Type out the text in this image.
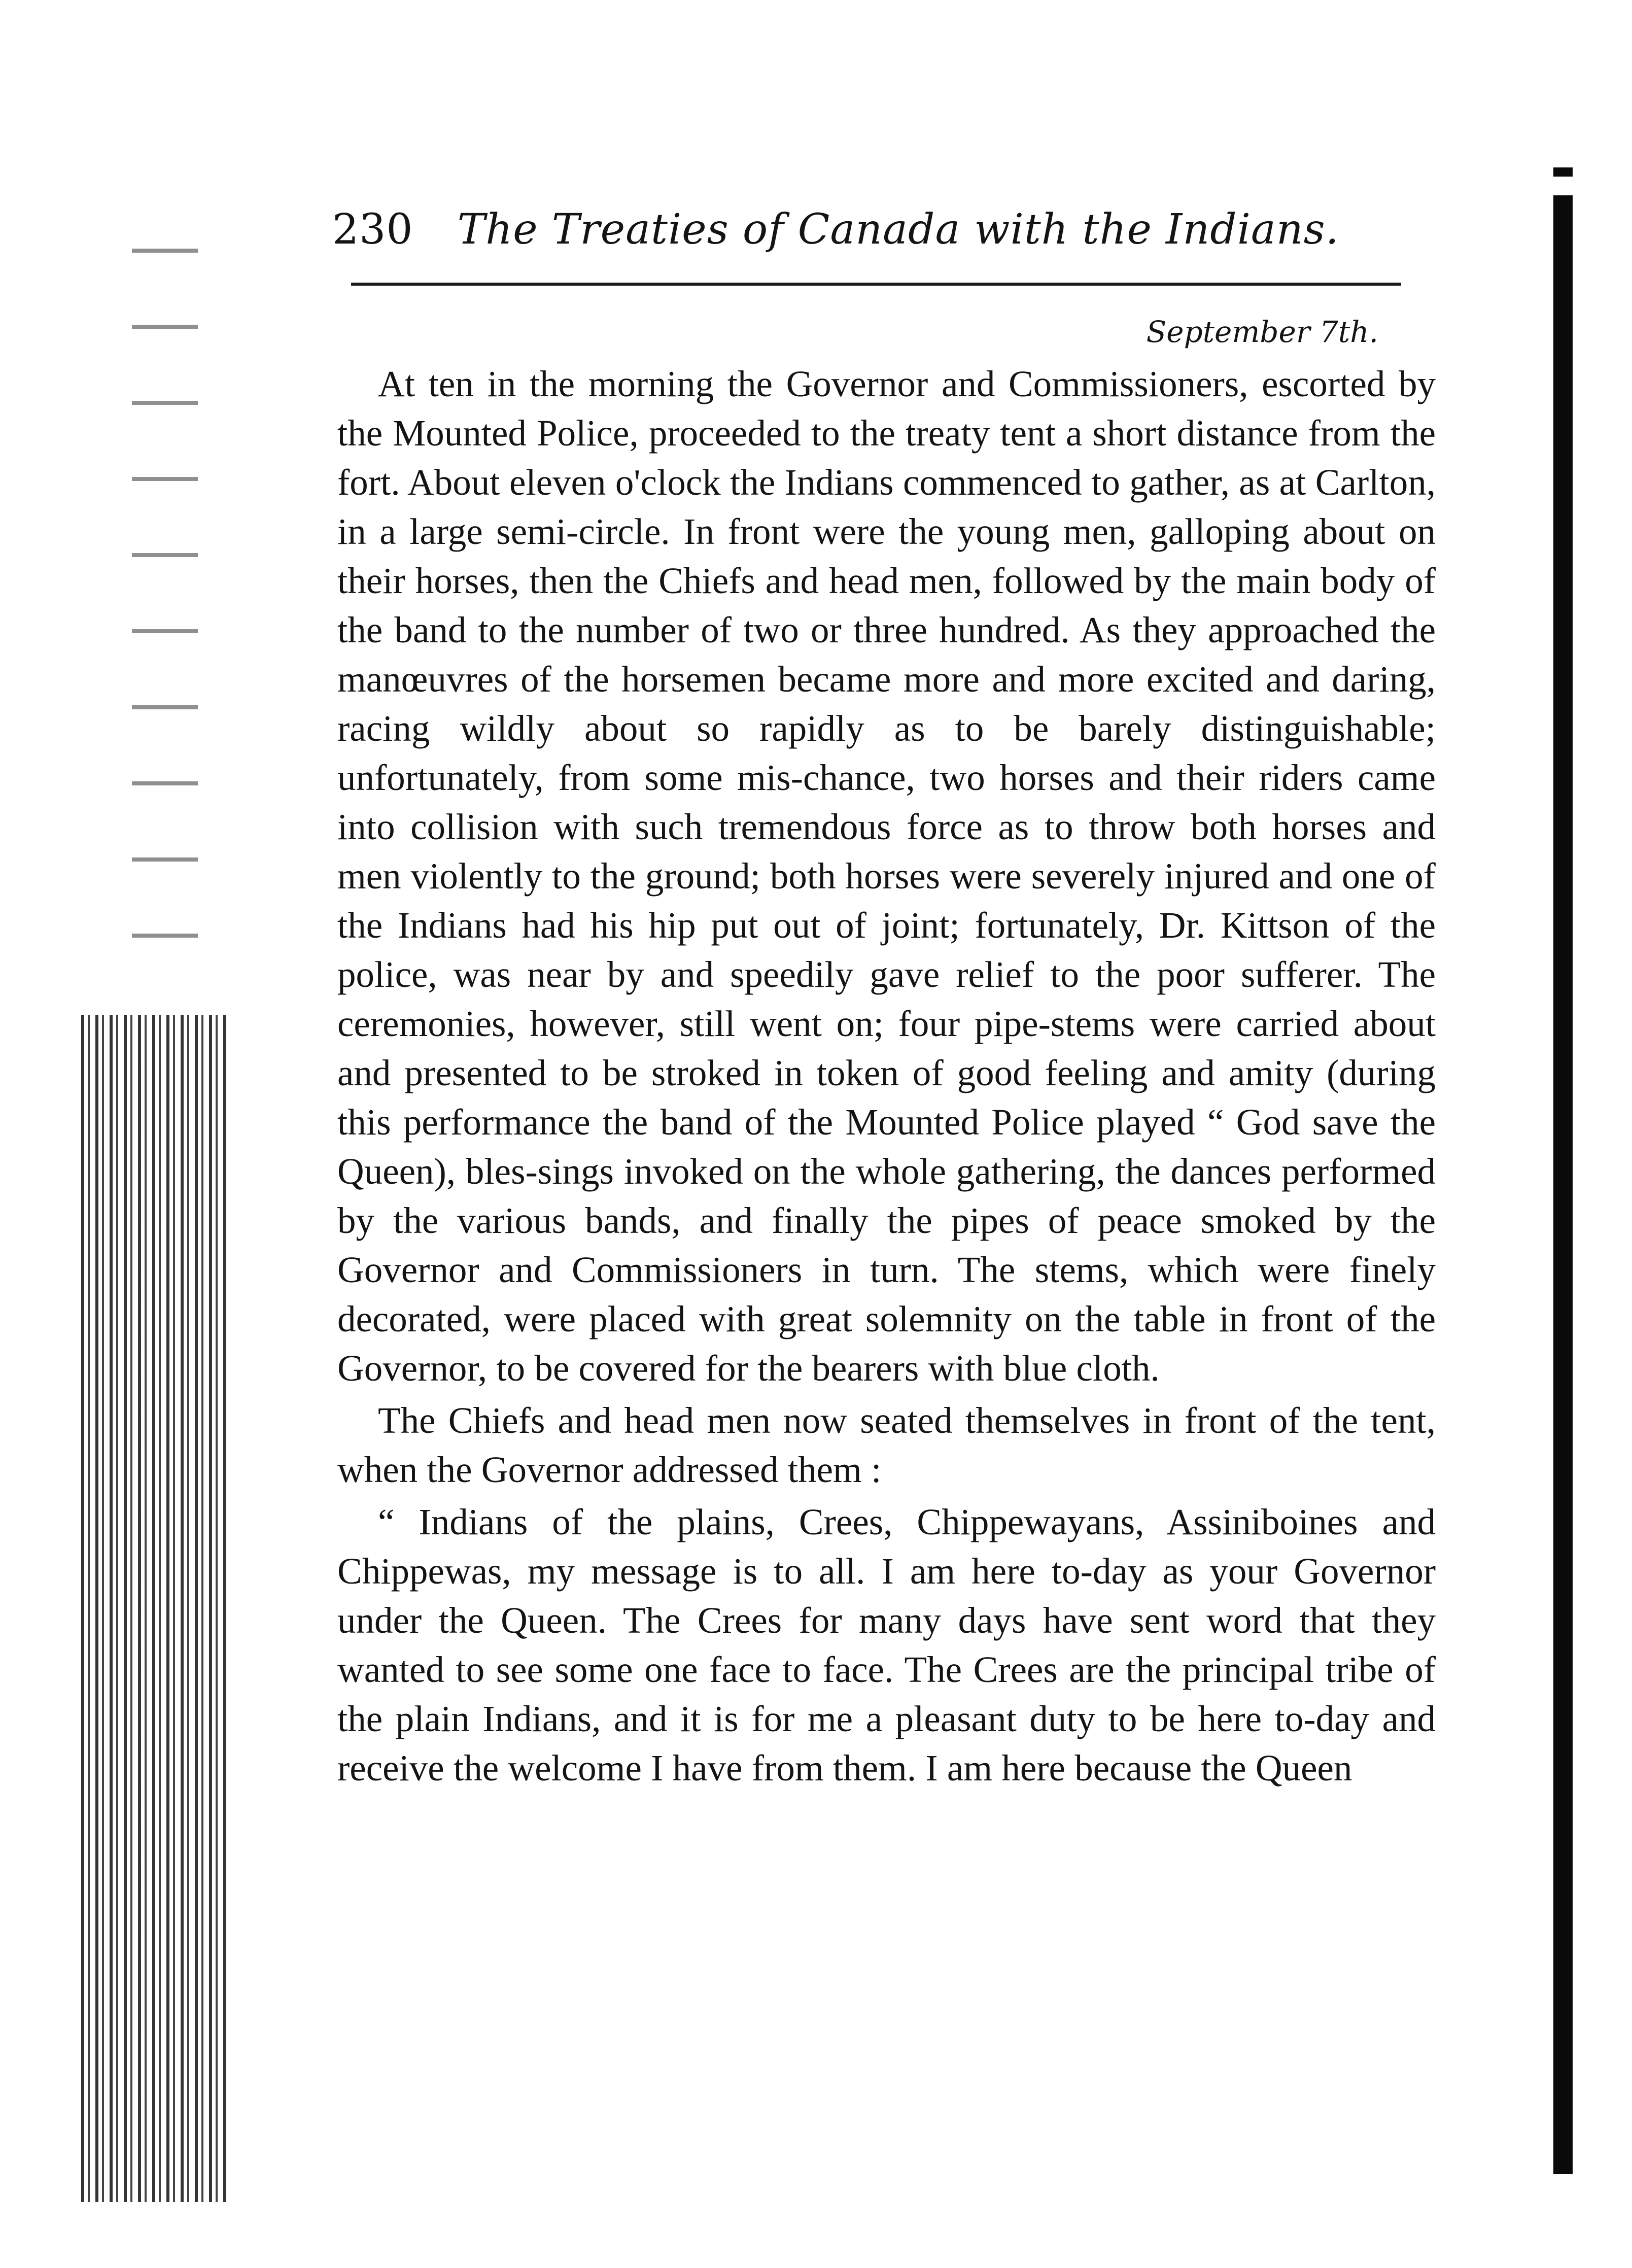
230 The Treaties of Canada with the Indians.
September 7th.

At ten in the morning the Governor and Commissioners, escorted by the Mounted Police, proceeded to the treaty tent a short distance from the fort. About eleven o'clock the Indians commenced to gather, as at Carlton, in a large semi-circle. In front were the young men, galloping about on their horses, then the Chiefs and head men, followed by the main body of the band to the number of two or three hundred. As they approached the manœuvres of the horsemen became more and more excited and daring, racing wildly about so rapidly as to be barely distinguishable; unfortunately, from some mis-chance, two horses and their riders came into collision with such tremendous force as to throw both horses and men violently to the ground; both horses were severely injured and one of the Indians had his hip put out of joint; fortunately, Dr. Kittson of the police, was near by and speedily gave relief to the poor sufferer. The ceremonies, however, still went on; four pipe-stems were carried about and presented to be stroked in token of good feeling and amity (during this performance the band of the Mounted Police played “ God save the Queen), bles-sings invoked on the whole gathering, the dances performed by the various bands, and finally the pipes of peace smoked by the Governor and Commissioners in turn. The stems, which were finely decorated, were placed with great solemnity on the table in front of the Governor, to be covered for the bearers with blue cloth.

The Chiefs and head men now seated themselves in front of the tent, when the Governor addressed them :

“ Indians of the plains, Crees, Chippewayans, Assiniboines and Chippewas, my message is to all. I am here to-day as your Governor under the Queen. The Crees for many days have sent word that they wanted to see some one face to face. The Crees are the principal tribe of the plain Indians, and it is for me a pleasant duty to be here to-day and receive the welcome I have from them. I am here because the Queen
